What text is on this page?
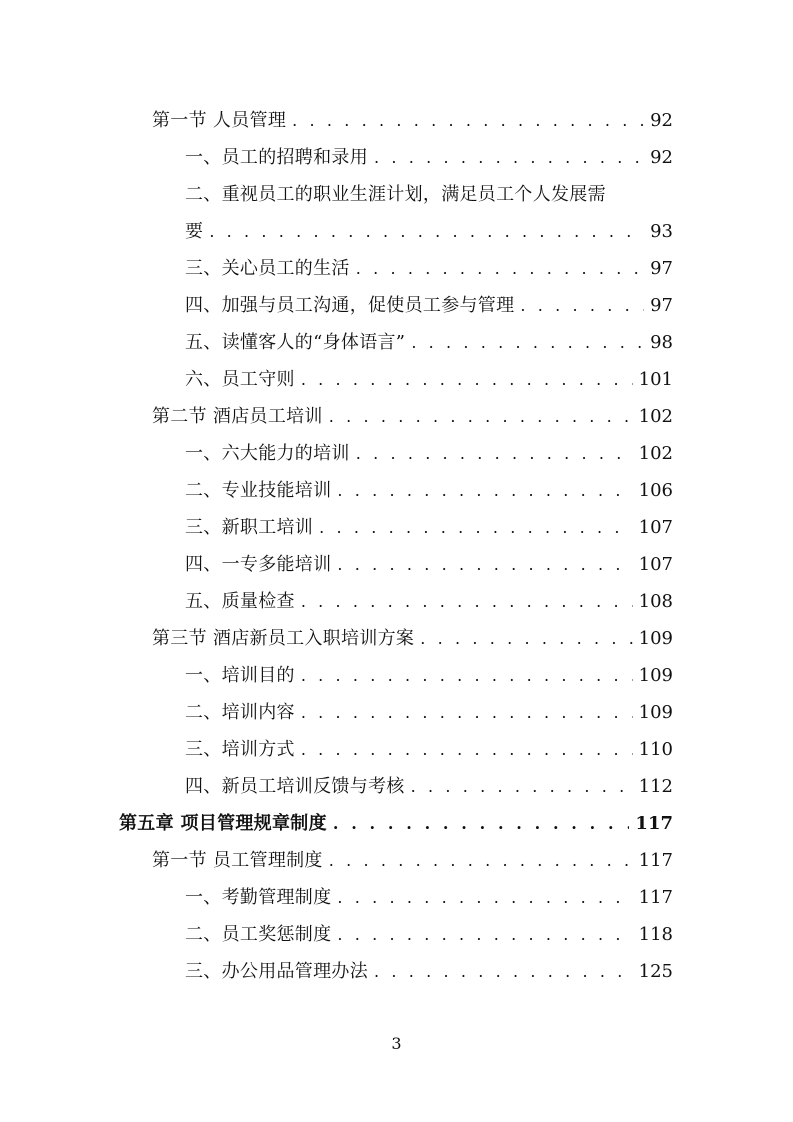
第一节 人员管理 . . .	92
一、员工的招聘和录用 . . .	92
二、重视员工的职业生涯计划，满足员工个人发展需
要 . . .	93
三、关心员工的生活 . . .	97
四、加强与员工沟通，促使员工参与管理 . . .	97
五、读懂客人的“身体语言” . . .	98
六、员工守则 . . .	101
第二节 酒店员工培训 . . .	102
一、六大能力的培训 . . .	102
二、专业技能培训 . . .	106
三、新职工培训 . . .	107
四、一专多能培训 . . .	107
五、质量检查 . . .	108
第三节 酒店新员工入职培训方案 . . .	109
一、培训目的 . . .	109
二、培训内容 . . .	109
三、培训方式 . . .	110
四、新员工培训反馈与考核 . . .	112
第五章 项目管理规章制度 . . .	117
第一节 员工管理制度 . . .	117
一、考勤管理制度 . . .	117
二、员工奖惩制度 . . .	118
三、办公用品管理办法 . . .	125
3
